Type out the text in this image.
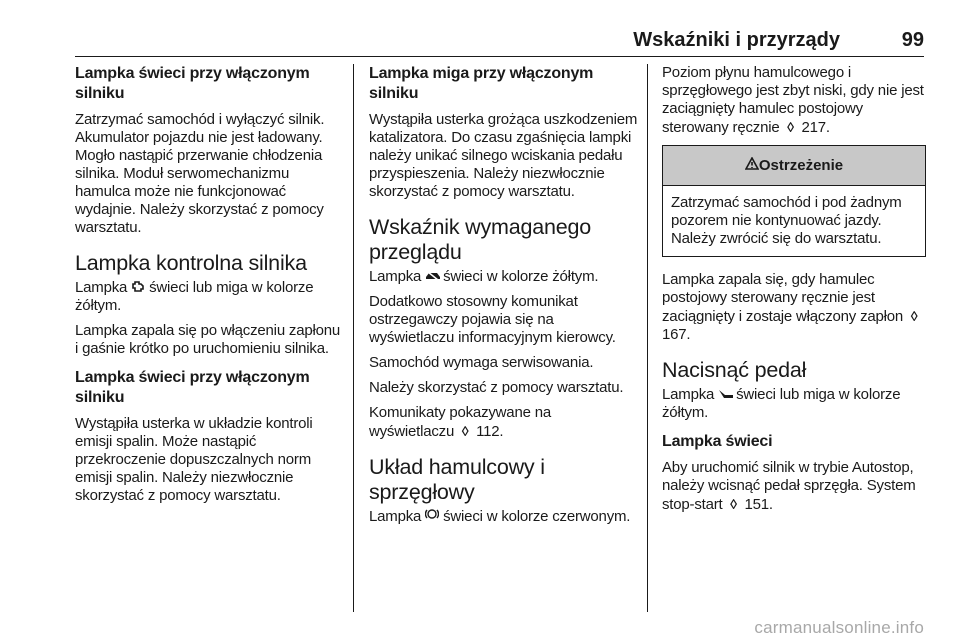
Wskaźniki i przyrządy	99
Lampka świeci przy włączonym silniku

Zatrzymać samochód i wyłączyć silnik. Akumulator pojazdu nie jest ładowany. Mogło nastąpić przerwanie chłodzenia silnika. Moduł serwomechanizmu hamulca może nie funkcjonować wydajnie. Należy skorzystać z pomocy warsztatu.

Lampka kontrolna silnika

Lampka świeci lub miga w kolorze żółtym.

Lampka zapala się po włączeniu zapłonu i gaśnie krótko po uruchomieniu silnika.

Lampka świeci przy włączonym silniku

Wystąpiła usterka w układzie kontroli emisji spalin. Może nastąpić przekroczenie dopuszczalnych norm emisji spalin. Należy niezwłocznie skorzystać z pomocy warsztatu.

Lampka miga przy włączonym silniku

Wystąpiła usterka grożąca uszkodzeniem katalizatora. Do czasu zgaśnięcia lampki należy unikać silnego wciskania pedału przyspieszenia. Należy niezwłocznie skorzystać z pomocy warsztatu.

Wskaźnik wymaganego przeglądu

Lampka świeci w kolorze żółtym.

Dodatkowo stosowny komunikat ostrzegawczy pojawia się na wyświetlaczu informacyjnym kierowcy.

Samochód wymaga serwisowania.

Należy skorzystać z pomocy warsztatu.

Komunikaty pokazywane na wyświetlaczu ◊ 112.

Układ hamulcowy i sprzęgłowy

Lampka świeci w kolorze czerwonym.

Poziom płynu hamulcowego i sprzęgłowego jest zbyt niski, gdy nie jest zaciągnięty hamulec postojowy sterowany ręcznie ◊ 217.

Ostrzeżenie

Zatrzymać samochód i pod żadnym pozorem nie kontynuować jazdy. Należy zwrócić się do warsztatu.

Lampka zapala się, gdy hamulec postojowy sterowany ręcznie jest zaciągnięty i zostaje włączony zapłon ◊ 167.

Nacisnąć pedał

Lampka świeci lub miga w kolorze żółtym.

Lampka świeci

Aby uruchomić silnik w trybie Autostop, należy wcisnąć pedał sprzęgła. System stop-start ◊ 151.

carmanualsonline.info
